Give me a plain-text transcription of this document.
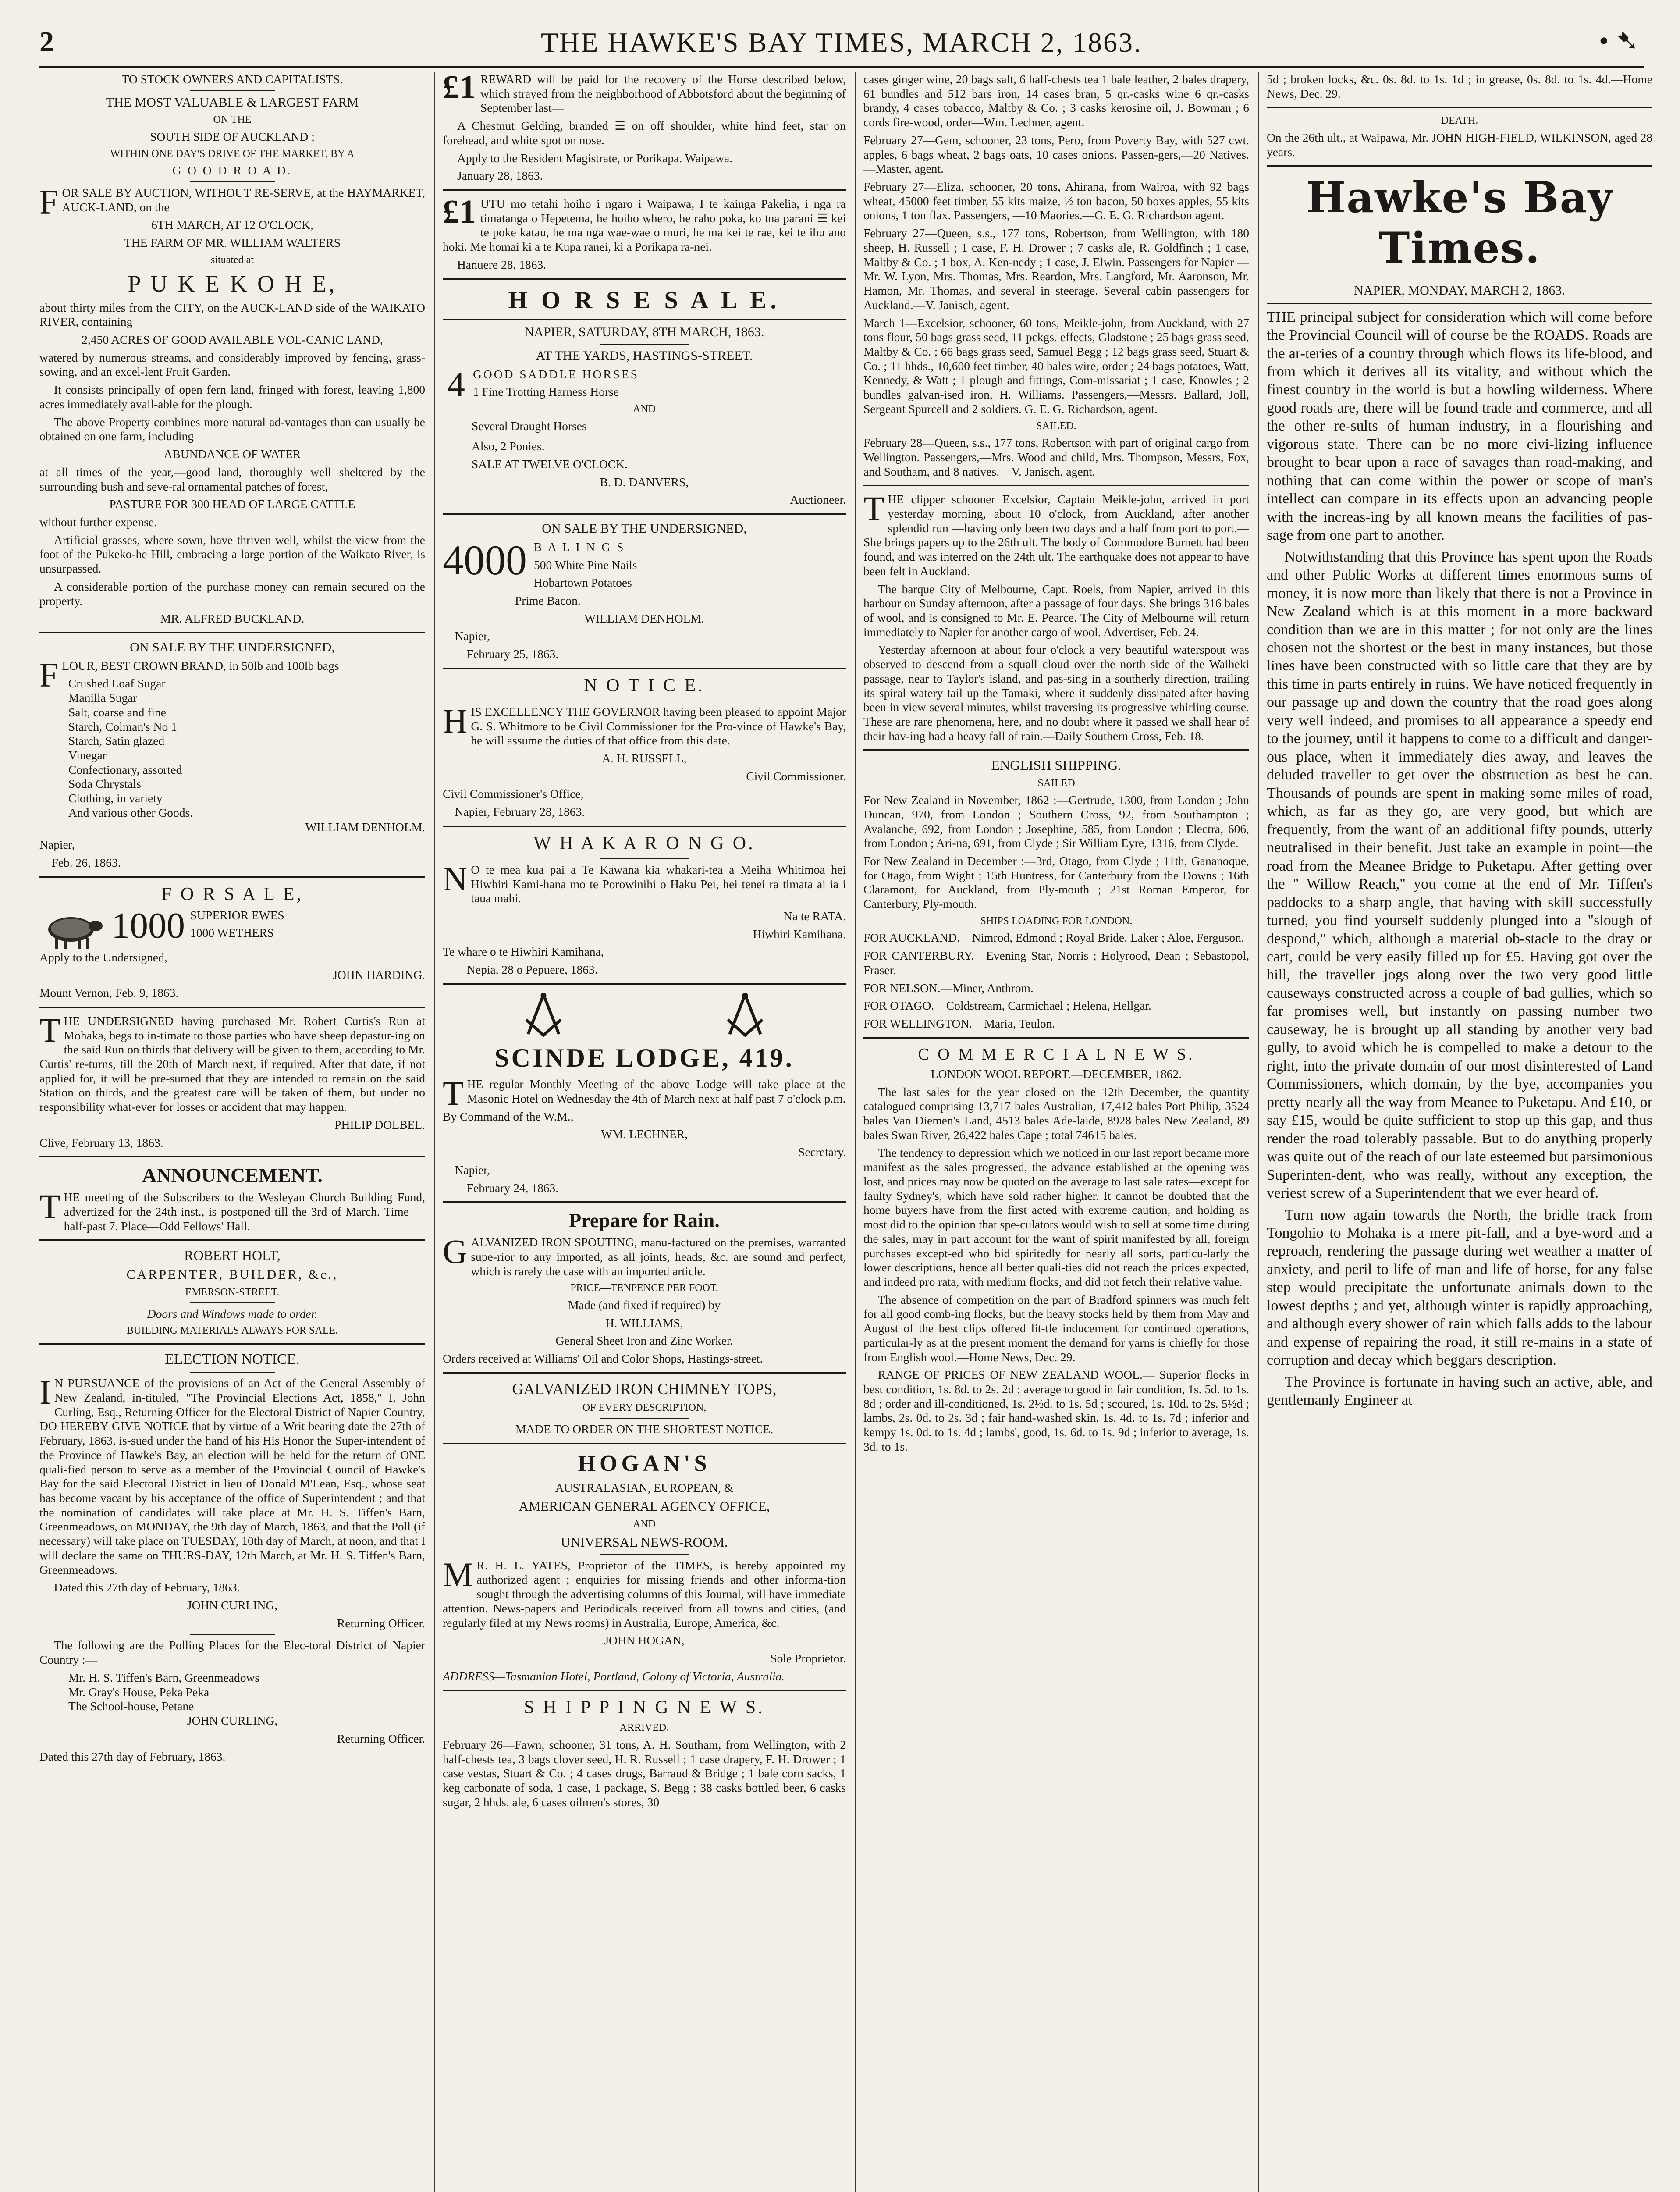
2	THE HAWKE'S BAY TIMES, MARCH 2, 1863.	• ➷

TO STOCK OWNERS AND CAPITALISTS.

THE MOST VALUABLE & LARGEST FARM

ON THE

SOUTH SIDE OF AUCKLAND ;

WITHIN ONE DAY'S DRIVE OF THE MARKET, BY A

G O O D R O A D.

FOR SALE BY AUCTION, WITHOUT RE-SERVE, at the HAYMARKET, AUCK-LAND, on the

6TH MARCH, AT 12 O'CLOCK,

THE FARM OF MR. WILLIAM WALTERS

situated at

P U K E K O H E,

about thirty miles from the CITY, on the AUCK-LAND side of the WAIKATO RIVER, containing

2,450 ACRES OF GOOD AVAILABLE VOL-CANIC LAND,

watered by numerous streams, and considerably improved by fencing, grass-sowing, and an excel-lent Fruit Garden.

It consists principally of open fern land, fringed with forest, leaving 1,800 acres immediately avail-able for the plough.

The above Property combines more natural ad-vantages than can usually be obtained on one farm, including

ABUNDANCE OF WATER

at all times of the year,—good land, thoroughly well sheltered by the surrounding bush and seve-ral ornamental patches of forest,—

PASTURE FOR 300 HEAD OF LARGE CATTLE

without further expense.

Artificial grasses, where sown, have thriven well, whilst the view from the foot of the Pukeko-he Hill, embracing a large portion of the Waikato River, is unsurpassed.

A considerable portion of the purchase money can remain secured on the property.

MR. ALFRED BUCKLAND.

ON SALE BY THE UNDERSIGNED,

FLOUR, BEST CROWN BRAND, in 50lb and 100lb bags

Crushed Loaf Sugar

Manilla Sugar

Salt, coarse and fine

Starch, Colman's No 1

Starch, Satin glazed

Vinegar

Confectionary, assorted

Soda Chrystals

Clothing, in variety

And various other Goods.

WILLIAM DENHOLM.

Napier,

Feb. 26, 1863.

F O R S A L E,

1000 SUPERIOR EWES

1000 WETHERS

Apply to the Undersigned,

JOHN HARDING.

Mount Vernon, Feb. 9, 1863.

THE UNDERSIGNED having purchased Mr. Robert Curtis's Run at Mohaka, begs to in-timate to those parties who have sheep depastur-ing on the said Run on thirds that delivery will be given to them, according to Mr. Curtis' re-turns, till the 20th of March next, if required. After that date, if not applied for, it will be pre-sumed that they are intended to remain on the said Station on thirds, and the greatest care will be taken of them, but under no responsibility what-ever for losses or accident that may happen.

PHILIP DOLBEL.

Clive, February 13, 1863.

ANNOUNCEMENT.

THE meeting of the Subscribers to the Wesleyan Church Building Fund, advertized for the 24th inst., is postponed till the 3rd of March. Time —half-past 7. Place—Odd Fellows' Hall.

ROBERT HOLT,

CARPENTER, BUILDER, &c.,

EMERSON-STREET.

Doors and Windows made to order.

BUILDING MATERIALS ALWAYS FOR SALE.

ELECTION NOTICE.

IN PURSUANCE of the provisions of an Act of the General Assembly of New Zealand, in-tituled, "The Provincial Elections Act, 1858," I, John Curling, Esq., Returning Officer for the Electoral District of Napier Country, DO HEREBY GIVE NOTICE that by virtue of a Writ bearing date the 27th of February, 1863, is-sued under the hand of his His Honor the Super-intendent of the Province of Hawke's Bay, an election will be held for the return of ONE quali-fied person to serve as a member of the Provincial Council of Hawke's Bay for the said Electoral District in lieu of Donald M'Lean, Esq., whose seat has become vacant by his acceptance of the office of Superintendent ; and that the nomination of candidates will take place at Mr. H. S. Tiffen's Barn, Greenmeadows, on MONDAY, the 9th day of March, 1863, and that the Poll (if necessary) will take place on TUESDAY, 10th day of March, at noon, and that I will declare the same on THURS-DAY, 12th March, at Mr. H. S. Tiffen's Barn, Greenmeadows.

Dated this 27th day of February, 1863.

JOHN CURLING,

Returning Officer.

The following are the Polling Places for the Elec-toral District of Napier Country :—

Mr. H. S. Tiffen's Barn, Greenmeadows

Mr. Gray's House, Peka Peka

The School-house, Petane

JOHN CURLING,

Returning Officer.

Dated this 27th day of February, 1863.

£1 REWARD will be paid for the recovery of the Horse described below, which strayed from the neighborhood of Abbotsford about the beginning of September last—

A Chestnut Gelding, branded ☰ on off shoulder, white hind feet, star on forehead, and white spot on nose.

Apply to the Resident Magistrate, or Porikapa. Waipawa.

January 28, 1863.

£1 UTU mo tetahi hoiho i ngaro i Waipawa, I te kainga Pakelia, i nga ra timatanga o Hepetema, he hoiho whero, he raho poka, ko tna parani ☰ kei te poke katau, he ma nga wae-wae o muri, he ma kei te rae, kei te ihu ano hoki. Me homai ki a te Kupa ranei, ki a Porikapa ra-nei.

Hanuere 28, 1863.

H O R S E S A L E.

NAPIER, SATURDAY, 8TH MARCH, 1863.

AT THE YARDS, HASTINGS-STREET.

4 GOOD SADDLE HORSES

1 Fine Trotting Harness Horse

AND

Several Draught Horses

Also, 2 Ponies.

SALE AT TWELVE O'CLOCK.

B. D. DANVERS,

Auctioneer.

ON SALE BY THE UNDERSIGNED,

4000 B A L I N G S

500 White Pine Nails

Hobartown Potatoes

Prime Bacon.

WILLIAM DENHOLM.

Napier,

February 25, 1863.

N O T I C E.

HIS EXCELLENCY THE GOVERNOR having been pleased to appoint Major G. S. Whitmore to be Civil Commissioner for the Pro-vince of Hawke's Bay, he will assume the duties of that office from this date.

A. H. RUSSELL,

Civil Commissioner.

Civil Commissioner's Office,

Napier, February 28, 1863.

W H A K A R O N G O.

NO te mea kua pai a Te Kawana kia whakari-tea a Meiha Whitimoa hei Hiwhiri Kami-hana mo te Porowinihi o Haku Pei, hei tenei ra timata ai ia i taua mahi.

Na te RATA.

Hiwhiri Kamihana.

Te whare o te Hiwhiri Kamihana,

Nepia, 28 o Pepuere, 1863.

SCINDE LODGE, 419.

THE regular Monthly Meeting of the above Lodge will take place at the Masonic Hotel on Wednesday the 4th of March next at half past 7 o'clock p.m.

By Command of the W.M.,

WM. LECHNER,

Secretary.

Napier,

February 24, 1863.

Prepare for Rain.

GALVANIZED IRON SPOUTING, manu-factured on the premises, warranted supe-rior to any imported, as all joints, heads, &c. are sound and perfect, which is rarely the case with an imported article.

PRICE—TENPENCE PER FOOT.

Made (and fixed if required) by

H. WILLIAMS,

General Sheet Iron and Zinc Worker.

Orders received at Williams' Oil and Color Shops, Hastings-street.

GALVANIZED IRON CHIMNEY TOPS,

OF EVERY DESCRIPTION,

MADE TO ORDER ON THE SHORTEST NOTICE.

HOGAN'S

AUSTRALASIAN, EUROPEAN, &

AMERICAN GENERAL AGENCY OFFICE,

AND

UNIVERSAL NEWS-ROOM.

MR. H. L. YATES, Proprietor of the TIMES, is hereby appointed my authorized agent ; enquiries for missing friends and other informa-tion sought through the advertising columns of this Journal, will have immediate attention. News-papers and Periodicals received from all towns and cities, (and regularly filed at my News rooms) in Australia, Europe, America, &c.

JOHN HOGAN,

Sole Proprietor.

ADDRESS—Tasmanian Hotel, Portland, Colony of Victoria, Australia.

S H I P P I N G N E W S.

ARRIVED.

February 26—Fawn, schooner, 31 tons, A. H. Southam, from Wellington, with 2 half-chests tea, 3 bags clover seed, H. R. Russell ; 1 case drapery, F. H. Drower ; 1 case vestas, Stuart & Co. ; 4 cases drugs, Barraud & Bridge ; 1 bale corn sacks, 1 keg carbonate of soda, 1 case, 1 package, S. Begg ; 38 casks bottled beer, 6 casks sugar, 2 hhds. ale, 6 cases oilmen's stores, 30

cases ginger wine, 20 bags salt, 6 half-chests tea 1 bale leather, 2 bales drapery, 61 bundles and 512 bars iron, 14 cases bran, 5 qr.-casks wine 6 qr.-casks brandy, 4 cases tobacco, Maltby & Co. ; 3 casks kerosine oil, J. Bowman ; 6 cords fire-wood, order—Wm. Lechner, agent.

February 27—Gem, schooner, 23 tons, Pero, from Poverty Bay, with 527 cwt. apples, 6 bags wheat, 2 bags oats, 10 cases onions. Passen-gers,—20 Natives.—Master, agent.

February 27—Eliza, schooner, 20 tons, Ahirana, from Wairoa, with 92 bags wheat, 45000 feet timber, 55 kits maize, ½ ton bacon, 50 boxes apples, 55 kits onions, 1 ton flax. Passengers, —10 Maories.—G. E. G. Richardson agent.

February 27—Queen, s.s., 177 tons, Robertson, from Wellington, with 180 sheep, H. Russell ; 1 case, F. H. Drower ; 7 casks ale, R. Goldfinch ; 1 case, Maltby & Co. ; 1 box, A. Ken-nedy ; 1 case, J. Elwin. Passengers for Napier —Mr. W. Lyon, Mrs. Thomas, Mrs. Reardon, Mrs. Langford, Mr. Aaronson, Mr. Hamon, Mr. Thomas, and several in steerage. Several cabin passengers for Auckland.—V. Janisch, agent.

March 1—Excelsior, schooner, 60 tons, Meikle-john, from Auckland, with 27 tons flour, 50 bags grass seed, 11 pckgs. effects, Gladstone ; 25 bags grass seed, Maltby & Co. ; 66 bags grass seed, Samuel Begg ; 12 bags grass seed, Stuart & Co. ; 11 hhds., 10,600 feet timber, 40 bales wire, order ; 24 bags potatoes, Watt, Kennedy, & Watt ; 1 plough and fittings, Com-missariat ; 1 case, Knowles ; 2 bundles galvan-ised iron, H. Williams. Passengers,—Messrs. Ballard, Joll, Sergeant Spurcell and 2 soldiers. G. E. G. Richardson, agent.

SAILED.

February 28—Queen, s.s., 177 tons, Robertson with part of original cargo from Wellington. Passengers,—Mrs. Wood and child, Mrs. Thompson, Messrs, Fox, and Southam, and 8 natives.—V. Janisch, agent.

THE clipper schooner Excelsior, Captain Meikle-john, arrived in port yesterday morning, about 10 o'clock, from Auckland, after another splendid run —having only been two days and a half from port to port.—She brings papers up to the 26th ult. The body of Commodore Burnett had been found, and was interred on the 24th ult. The earthquake does not appear to have been felt in Auckland.

The barque City of Melbourne, Capt. Roels, from Napier, arrived in this harbour on Sunday afternoon, after a passage of four days. She brings 316 bales of wool, and is consigned to Mr. E. Pearce. The City of Melbourne will return immediately to Napier for another cargo of wool. Advertiser, Feb. 24.

Yesterday afternoon at about four o'clock a very beautiful waterspout was observed to descend from a squall cloud over the north side of the Waiheki passage, near to Taylor's island, and pas-sing in a southerly direction, trailing its spiral watery tail up the Tamaki, where it suddenly dissipated after having been in view several minutes, whilst traversing its progressive whirling course. These are rare phenomena, here, and no doubt where it passed we shall hear of their hav-ing had a heavy fall of rain.—Daily Southern Cross, Feb. 18.

ENGLISH SHIPPING.

SAILED

For New Zealand in November, 1862 :—Gertrude, 1300, from London ; John Duncan, 970, from London ; Southern Cross, 92, from Southampton ; Avalanche, 692, from London ; Josephine, 585, from London ; Electra, 606, from London ; Ari-na, 691, from Clyde ; Sir William Eyre, 1316, from Clyde.

For New Zealand in December :—3rd, Otago, from Clyde ; 11th, Gananoque, for Otago, from Wight ; 15th Huntress, for Canterbury from the Downs ; 16th Claramont, for Auckland, from Ply-mouth ; 21st Roman Emperor, for Canterbury, Ply-mouth.

SHIPS LOADING FOR LONDON.

FOR AUCKLAND.—Nimrod, Edmond ; Royal Bride, Laker ; Aloe, Ferguson.

FOR CANTERBURY.—Evening Star, Norris ; Holyrood, Dean ; Sebastopol, Fraser.

FOR NELSON.—Miner, Anthrom.

FOR OTAGO.—Coldstream, Carmichael ; Helena, Hellgar.

FOR WELLINGTON.—Maria, Teulon.

C O M M E R C I A L N E W S.

LONDON WOOL REPORT.—DECEMBER, 1862.

The last sales for the year closed on the 12th December, the quantity catalogued comprising 13,717 bales Australian, 17,412 bales Port Philip, 3524 bales Van Diemen's Land, 4513 bales Ade-laide, 8928 bales New Zealand, 89 bales Swan River, 26,422 bales Cape ; total 74615 bales.

The tendency to depression which we noticed in our last report became more manifest as the sales progressed, the advance established at the opening was lost, and prices may now be quoted on the average to last sale rates—except for faulty Sydney's, which have sold rather higher. It cannot be doubted that the home buyers have from the first acted with extreme caution, and holding as most did to the opinion that spe-culators would wish to sell at some time during the sales, may in part account for the want of spirit manifested by all, foreign purchases except-ed who bid spiritedly for nearly all sorts, particu-larly the lower descriptions, hence all better quali-ties did not reach the prices expected, and indeed pro rata, with medium flocks, and did not fetch their relative value.

The absence of competition on the part of Bradford spinners was much felt for all good comb-ing flocks, but the heavy stocks held by them from May and August of the best clips offered lit-tle inducement for continued operations, particular-ly as at the present moment the demand for yarns is chiefly for those from English wool.—Home News, Dec. 29.

RANGE OF PRICES OF NEW ZEALAND WOOL.— Superior flocks in best condition, 1s. 8d. to 2s. 2d ; average to good in fair condition, 1s. 5d. to 1s. 8d ; order and ill-conditioned, 1s. 2½d. to 1s. 5d ; scoured, 1s. 10d. to 2s. 5½d ; lambs, 2s. 0d. to 2s. 3d ; fair hand-washed skin, 1s. 4d. to 1s. 7d ; inferior and kempy 1s. 0d. to 1s. 4d ; lambs', good, 1s. 6d. to 1s. 9d ; inferior to average, 1s. 3d. to 1s.

5d ; broken locks, &c. 0s. 8d. to 1s. 1d ; in grease, 0s. 8d. to 1s. 4d.—Home News, Dec. 29.

DEATH.

On the 26th ult., at Waipawa, Mr. JOHN HIGH-FIELD, WILKINSON, aged 28 years.

Hawke's Bay Times.

NAPIER, MONDAY, MARCH 2, 1863.

THE principal subject for consideration which will come before the Provincial Council will of course be the ROADS. Roads are the ar-teries of a country through which flows its life-blood, and from which it derives all its vitality, and without which the finest country in the world is but a howling wilderness. Where good roads are, there will be found trade and commerce, and all the other re-sults of human industry, in a flourishing and vigorous state. There can be no more civi-lizing influence brought to bear upon a race of savages than road-making, and nothing that can come within the power or scope of man's intellect can compare in its effects upon an advancing people with the increas-ing by all known means the facilities of pas-sage from one part to another.

Notwithstanding that this Province has spent upon the Roads and other Public Works at different times enormous sums of money, it is now more than likely that there is not a Province in New Zealand which is at this moment in a more backward condition than we are in this matter ; for not only are the lines chosen not the shortest or the best in many instances, but those lines have been constructed with so little care that they are by this time in parts entirely in ruins. We have noticed frequently in our passage up and down the country that the road goes along very well indeed, and promises to all appearance a speedy end to the journey, until it happens to come to a difficult and danger-ous place, when it immediately dies away, and leaves the deluded traveller to get over the obstruction as best he can. Thousands of pounds are spent in making some miles of road, which, as far as they go, are very good, but which are frequently, from the want of an additional fifty pounds, utterly neutralised in their benefit. Just take an example in point—the road from the Meanee Bridge to Puketapu. After getting over the " Willow Reach," you come at the end of Mr. Tiffen's paddocks to a sharp angle, that having with skill successfully turned, you find yourself suddenly plunged into a "slough of despond," which, although a material ob-stacle to the dray or cart, could be very easily filled up for £5. Having got over the hill, the traveller jogs along over the two very good little causeways constructed across a couple of bad gullies, which so far promises well, but instantly on passing number two causeway, he is brought up all standing by another very bad gully, to avoid which he is compelled to make a detour to the right, into the private domain of our most disinterested of Land Commissioners, which domain, by the bye, accompanies you pretty nearly all the way from Meanee to Puketapu. And £10, or say £15, would be quite sufficient to stop up this gap, and thus render the road tolerably passable. But to do anything properly was quite out of the reach of our late esteemed but parsimonious Superinten-dent, who was really, without any exception, the veriest screw of a Superintendent that we ever heard of.

Turn now again towards the North, the bridle track from Tongohio to Mohaka is a mere pit-fall, and a bye-word and a reproach, rendering the passage during wet weather a matter of anxiety, and peril to life of man and life of horse, for any false step would precipitate the unfortunate animals down to the lowest depths ; and yet, although winter is rapidly approaching, and although every shower of rain which falls adds to the labour and expense of repairing the road, it still re-mains in a state of corruption and decay which beggars description.

The Province is fortunate in having such an active, able, and gentlemanly Engineer at
